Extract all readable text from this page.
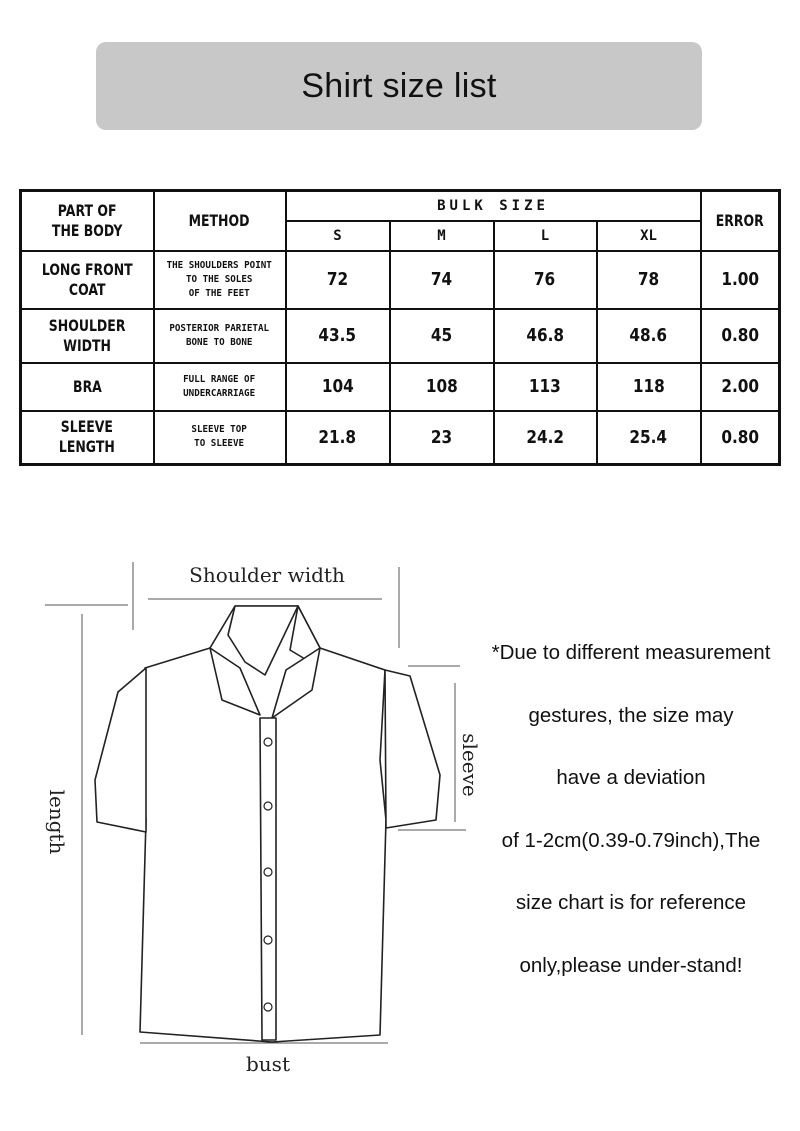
Shirt size list
PART OF
THE BODY	METHOD	BULK SIZE				ERROR
		S	M	L	XL	
LONG FRONT
COAT	THE SHOULDERS POINT
TO THE SOLES
OF THE FEET	72	74	76	78	1.00
SHOULDER
WIDTH	POSTERIOR PARIETAL
BONE TO BONE	43.5	45	46.8	48.6	0.80
BRA	FULL RANGE OF
UNDERCARRIAGE	104	108	113	118	2.00
SLEEVE
LENGTH	SLEEVE TOP
TO SLEEVE	21.8	23	24.2	25.4	0.80
Shoulder width
length
sleeve
bust
*Due to different measurement
gestures, the size may
have a deviation
of 1-2cm(0.39-0.79inch),The
size chart is for reference
only,please under-stand!
